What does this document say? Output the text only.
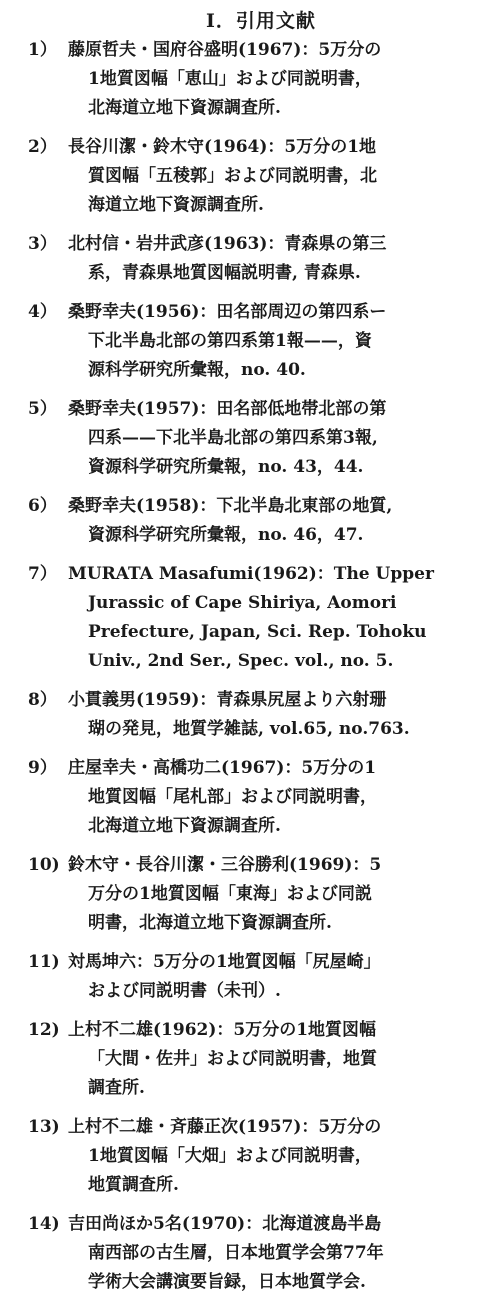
I．引用文献
1） 藤原哲夫・国府谷盛明(1967)：5万分の
1地質図幅「恵山」および同説明書，
北海道立地下資源調査所.
2） 長谷川潔・鈴木守(1964)：5万分の1地
質図幅「五稜郭」および同説明書，北
海道立地下資源調査所.
3） 北村信・岩井武彦(1963)：青森県の第三
系，青森県地質図幅説明書, 青森県.
4） 桑野幸夫(1956)：田名部周辺の第四系ー
下北半島北部の第四系第1報——，資
源科学研究所彙報，no. 40.
5） 桑野幸夫(1957)：田名部低地帯北部の第
四系——下北半島北部の第四系第3報,
資源科学研究所彙報，no. 43，44.
6） 桑野幸夫(1958)：下北半島北東部の地質,
資源科学研究所彙報，no. 46，47.
7） MURATA Masafumi(1962)：The Upper
Jurassic of Cape Shiriya, Aomori
Prefecture, Japan, Sci. Rep. Tohoku
Univ., 2nd Ser., Spec. vol., no. 5.
8） 小貫義男(1959)：青森県尻屋より六射珊
瑚の発見，地質学雑誌, vol.65, no.763.
9） 庄屋幸夫・高橋功二(1967)：5万分の1
地質図幅「尾札部」および同説明書，
北海道立地下資源調査所.
10) 鈴木守・長谷川潔・三谷勝利(1969)：5
万分の1地質図幅「東海」および同説
明書，北海道立地下資源調査所.
11) 対馬坤六：5万分の1地質図幅「尻屋崎」
および同説明書（未刊）.
12) 上村不二雄(1962)：5万分の1地質図幅
「大間・佐井」および同説明書，地質
調査所.
13) 上村不二雄・斉藤正次(1957)：5万分の
1地質図幅「大畑」および同説明書，
地質調査所.
14) 吉田尚ほか5名(1970)：北海道渡島半島
南西部の古生層，日本地質学会第77年
学術大会講演要旨録，日本地質学会.
